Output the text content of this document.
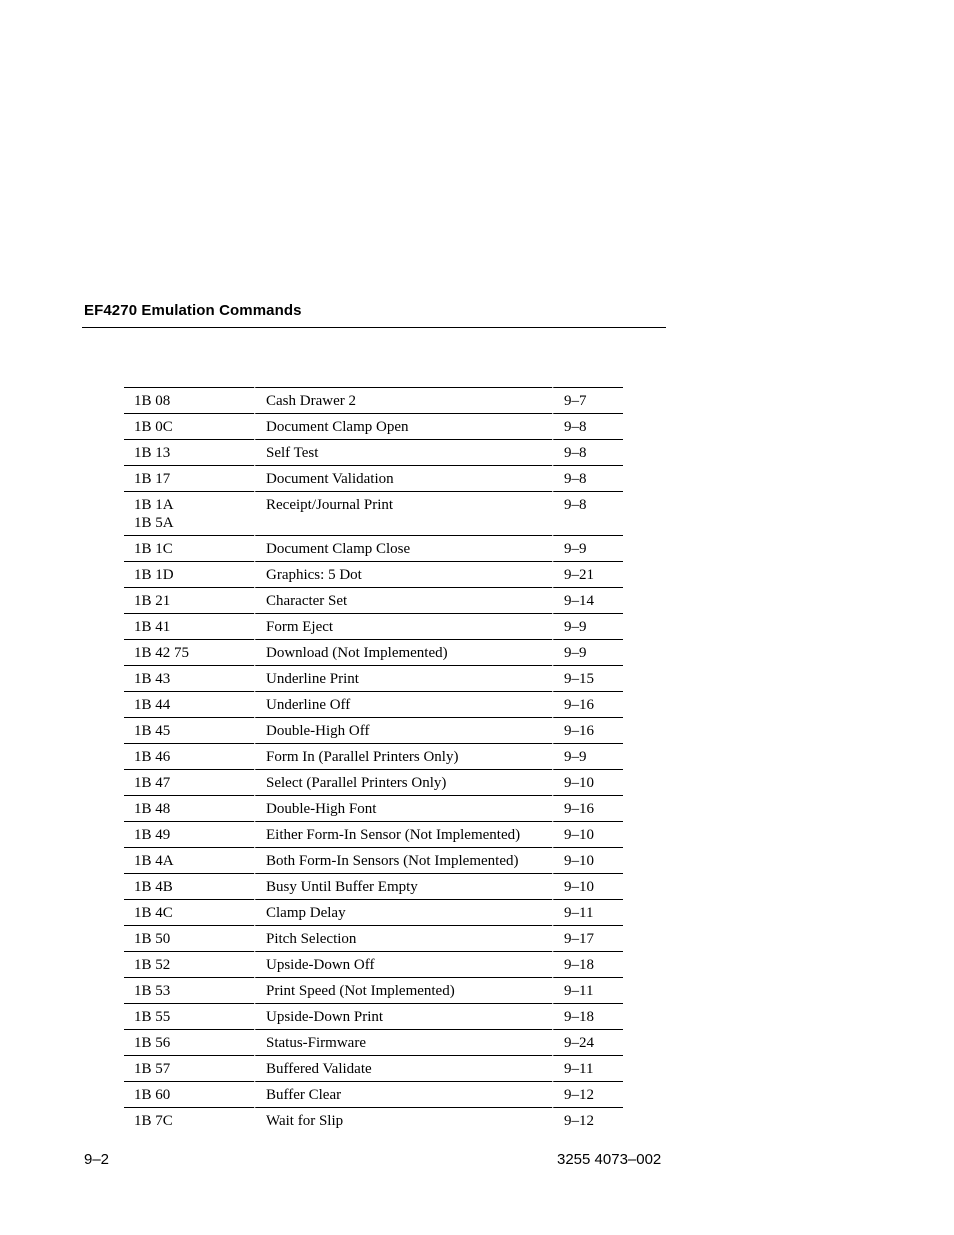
EF4270 Emulation Commands
1B 08	Cash Drawer 2	9–7
1B 0C	Document Clamp Open	9–8
1B 13	Self Test	9–8
1B 17	Document Validation	9–8
1B 1A
1B 5A	Receipt/Journal Print	9–8
1B 1C	Document Clamp Close	9–9
1B 1D	Graphics: 5 Dot	9–21
1B 21	Character Set	9–14
1B 41	Form Eject	9–9
1B 42 75	Download (Not Implemented)	9–9
1B 43	Underline Print	9–15
1B 44	Underline Off	9–16
1B 45	Double-High Off	9–16
1B 46	Form In (Parallel Printers Only)	9–9
1B 47	Select (Parallel Printers Only)	9–10
1B 48	Double-High Font	9–16
1B 49	Either Form-In Sensor (Not Implemented)	9–10
1B 4A	Both Form-In Sensors (Not Implemented)	9–10
1B 4B	Busy Until Buffer Empty	9–10
1B 4C	Clamp Delay	9–11
1B 50	Pitch Selection	9–17
1B 52	Upside-Down Off	9–18
1B 53	Print Speed (Not Implemented)	9–11
1B 55	Upside-Down Print	9–18
1B 56	Status-Firmware	9–24
1B 57	Buffered Validate	9–11
1B 60	Buffer Clear	9–12
1B 7C	Wait for Slip	9–12

9–2	3255 4073–002
